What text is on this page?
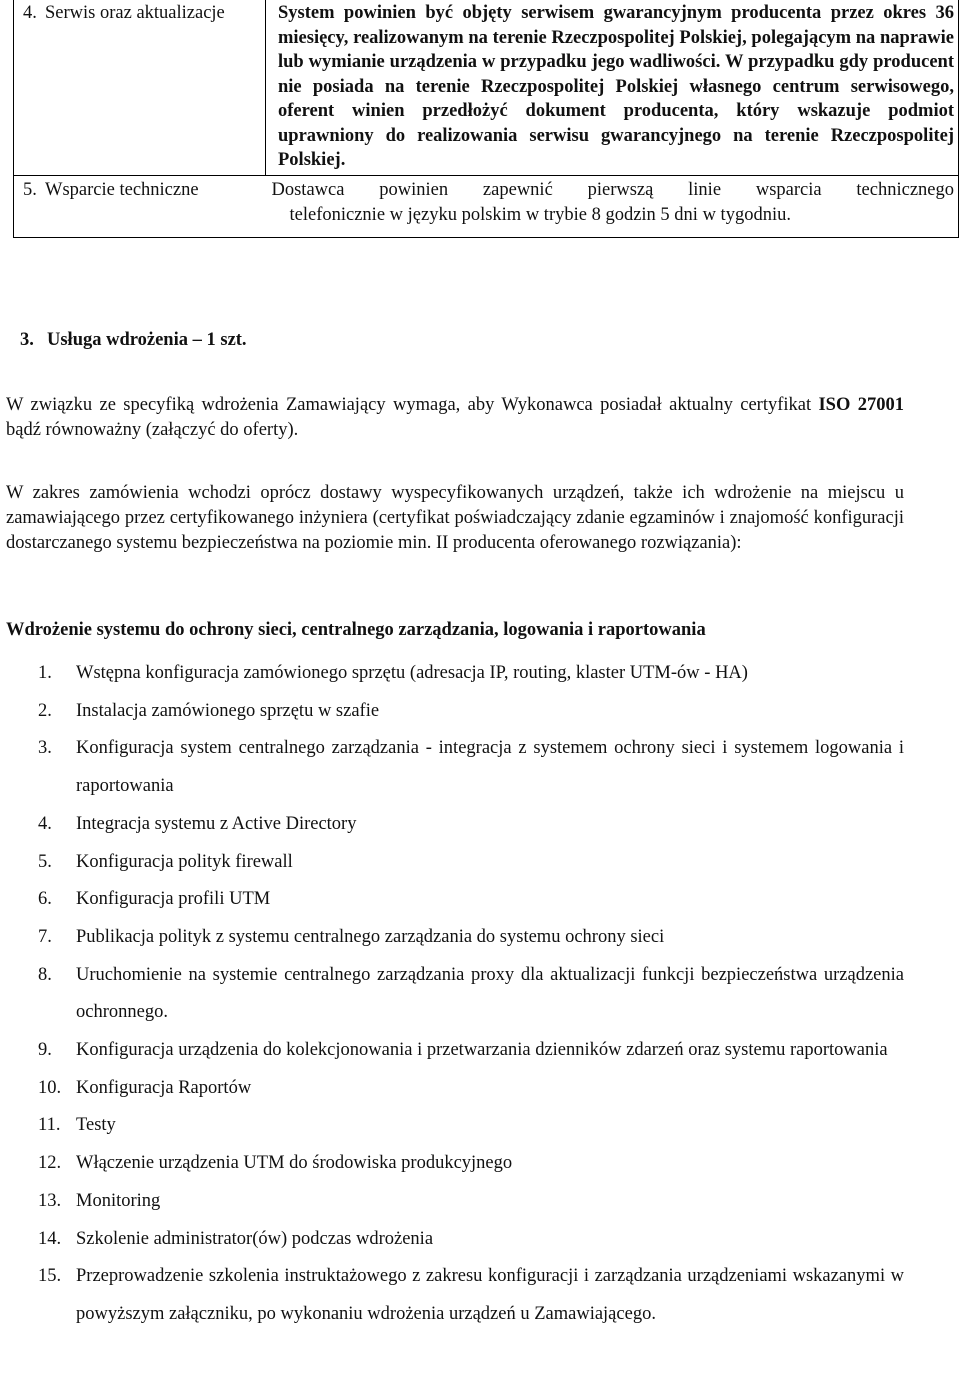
4.	Serwis oraz aktualizacje	System powinien być objęty serwisem gwarancyjnym producenta przez okres 36 miesięcy, realizowanym na terenie Rzeczpospolitej Polskiej, polegającym na naprawie lub wymianie urządzenia w przypadku jego wadliwości. W przypadku gdy producent nie posiada na terenie Rzeczpospolitej Polskiej własnego centrum serwisowego, oferent winien przedłożyć dokument producenta, który wskazuje podmiot uprawniony do realizowania serwisu gwarancyjnego na terenie Rzeczpospolitej Polskiej.
5.	Wsparcie techniczne	Dostawca powinien zapewnić pierwszą linie wsparcia technicznego
telefonicznie w języku polskim w trybie 8 godzin 5 dni w tygodniu.
3. Usługa wdrożenia – 1 szt.
W związku ze specyfiką wdrożenia Zamawiający wymaga, aby Wykonawca posiadał aktualny certyfikat ISO 27001 bądź równoważny (załączyć do oferty).
W zakres zamówienia wchodzi oprócz dostawy wyspecyfikowanych urządzeń, także ich wdrożenie na miejscu u zamawiającego przez certyfikowanego inżyniera (certyfikat poświadczający zdanie egzaminów i znajomość konfiguracji dostarczanego systemu bezpieczeństwa na poziomie min. II producenta oferowanego rozwiązania):
Wdrożenie systemu do ochrony sieci, centralnego zarządzania, logowania i raportowania
1.	Wstępna konfiguracja zamówionego sprzętu (adresacja IP, routing, klaster UTM-ów - HA)
2.	Instalacja zamówionego sprzętu w szafie
3.	Konfiguracja system centralnego zarządzania - integracja z systemem ochrony sieci i systemem logowania i raportowania
4.	Integracja systemu z Active Directory
5.	Konfiguracja polityk firewall
6.	Konfiguracja profili UTM
7.	Publikacja polityk z systemu centralnego zarządzania do systemu ochrony sieci
8.	Uruchomienie na systemie centralnego zarządzania proxy dla aktualizacji funkcji bezpieczeństwa urządzenia ochronnego.
9.	Konfiguracja urządzenia do kolekcjonowania i przetwarzania dzienników zdarzeń oraz systemu raportowania
10. Konfiguracja Raportów
11. Testy
12. Włączenie urządzenia UTM do środowiska produkcyjnego
13. Monitoring
14. Szkolenie administrator(ów) podczas wdrożenia
15. Przeprowadzenie szkolenia instruktażowego z zakresu konfiguracji i zarządzania urządzeniami wskazanymi w powyższym załączniku, po wykonaniu wdrożenia urządzeń u Zamawiającego.
